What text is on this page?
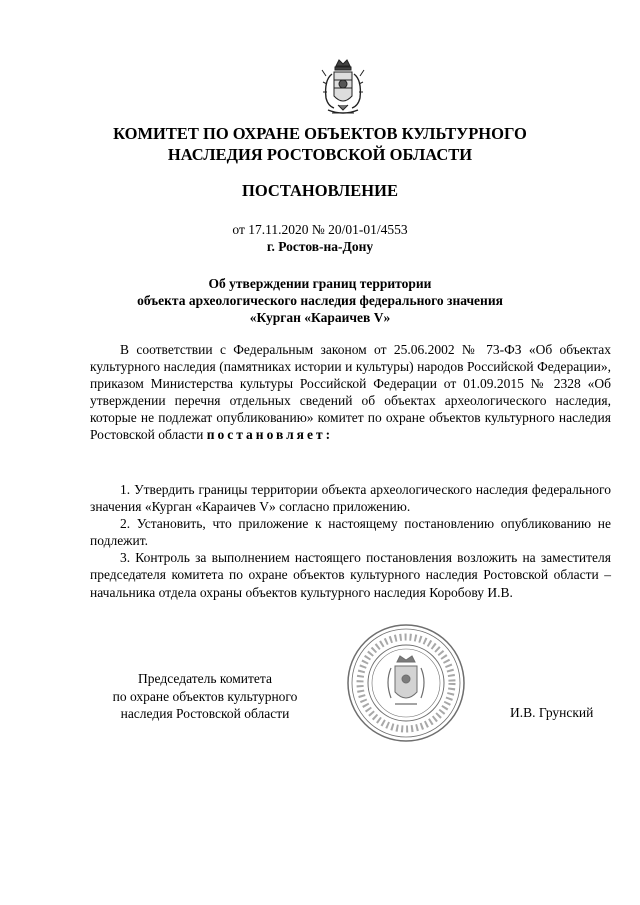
КОМИТЕТ ПО ОХРАНЕ ОБЪЕКТОВ КУЛЬТУРНОГО
НАСЛЕДИЯ РОСТОВСКОЙ ОБЛАСТИ
ПОСТАНОВЛЕНИЕ
от 17.11.2020 № 20/01-01/4553
г. Ростов-на-Дону
Об утверждении границ территории
объекта археологического наследия федерального значения
«Курган «Караичев V»
В соответствии с Федеральным законом от 25.06.2002 № 73-ФЗ «Об объектах культурного наследия (памятниках истории и культуры) народов Российской Федерации», приказом Министерства культуры Российской Федерации от 01.09.2015 № 2328 «Об утверждении перечня отдельных сведений об объектах археологического наследия, которые не подлежат опубликованию» комитет по охране объектов культурного наследия Ростовской области постановляет:

1. Утвердить границы территории объекта археологического наследия федерального значения «Курган «Караичев V» согласно приложению.

2. Установить, что приложение к настоящему постановлению опубликованию не подлежит.

3. Контроль за выполнением настоящего постановления возложить на заместителя председателя комитета по охране объектов культурного наследия Ростовской области – начальника отдела охраны объектов культурного наследия Коробову И.В.

Председатель комитета
по охране объектов культурного
наследия Ростовской области	И.В. Грунский
